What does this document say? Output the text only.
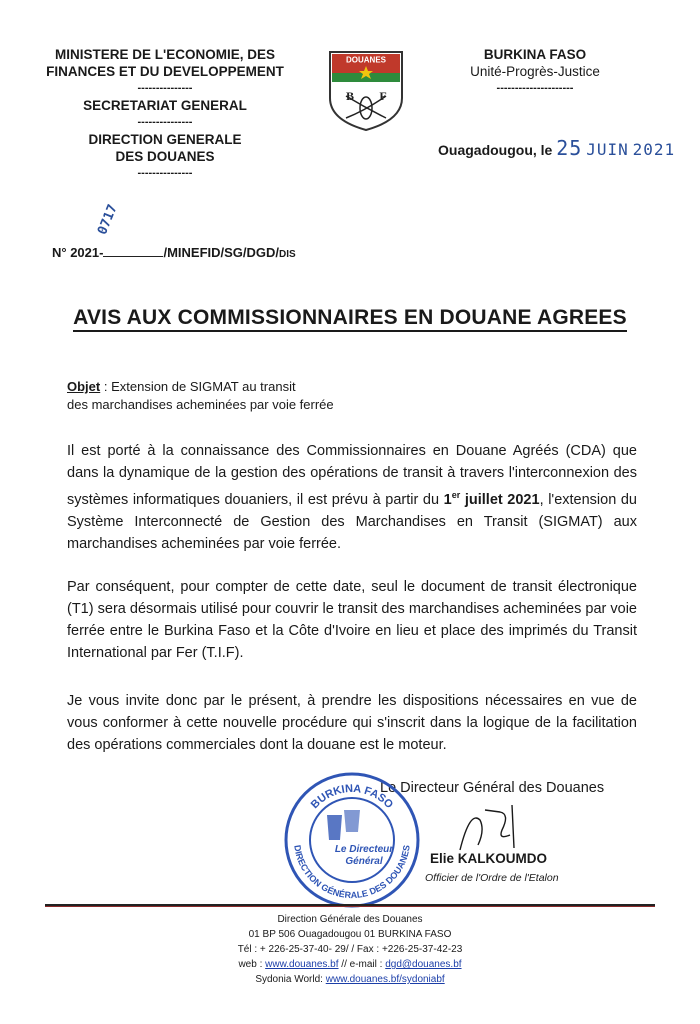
MINISTERE DE L'ECONOMIE, DES
FINANCES ET DU DEVELOPPEMENT
---------------
SECRETARIAT GENERAL
---------------
DIRECTION GENERALE
DES DOUANES
---------------
DOUANES
B F
BURKINA FASO
Unité-Progrès-Justice
---------------------
Ouagadougou, le 25 JUIN 2021
N° 2021-
0717
/MINEFID/SG/DGD/DIS
AVIS AUX COMMISSIONNAIRES EN DOUANE AGREES
Objet : Extension de SIGMAT au transit
des marchandises acheminées par voie ferrée
Il est porté à la connaissance des Commissionnaires en Douane Agréés (CDA) que dans la dynamique de la gestion des opérations de transit à travers l'interconnexion des systèmes informatiques douaniers, il est prévu à partir du 1er juillet 2021, l'extension du Système Interconnecté de Gestion des Marchandises en Transit (SIGMAT) aux marchandises acheminées par voie ferrée.
Par conséquent, pour compter de cette date, seul le document de transit électronique (T1) sera désormais utilisé pour couvrir le transit des marchandises acheminées par voie ferrée entre le Burkina Faso et la Côte d'Ivoire en lieu et place des imprimés du Transit International par Fer (T.I.F).
Je vous invite donc par le présent, à prendre les dispositions nécessaires en vue de vous conformer à cette nouvelle procédure qui s'inscrit dans la logique de la facilitation des opérations commerciales dont la douane est le moteur.
Le Directeur Général des Douanes
Elie KALKOUMDO
Officier de l'Ordre de l'Etalon
BURKINA FASO
DIRECTION GÉNÉRALE DES DOUANES
Le Directeur
Général
Direction Générale des Douanes
01 BP 506 Ouagadougou 01 BURKINA FASO
Tél : + 226-25-37-40- 29/ / Fax : +226-25-37-42-23
web : www.douanes.bf // e-mail : dgd@douanes.bf
Sydonia World: www.douanes.bf/sydoniabf
